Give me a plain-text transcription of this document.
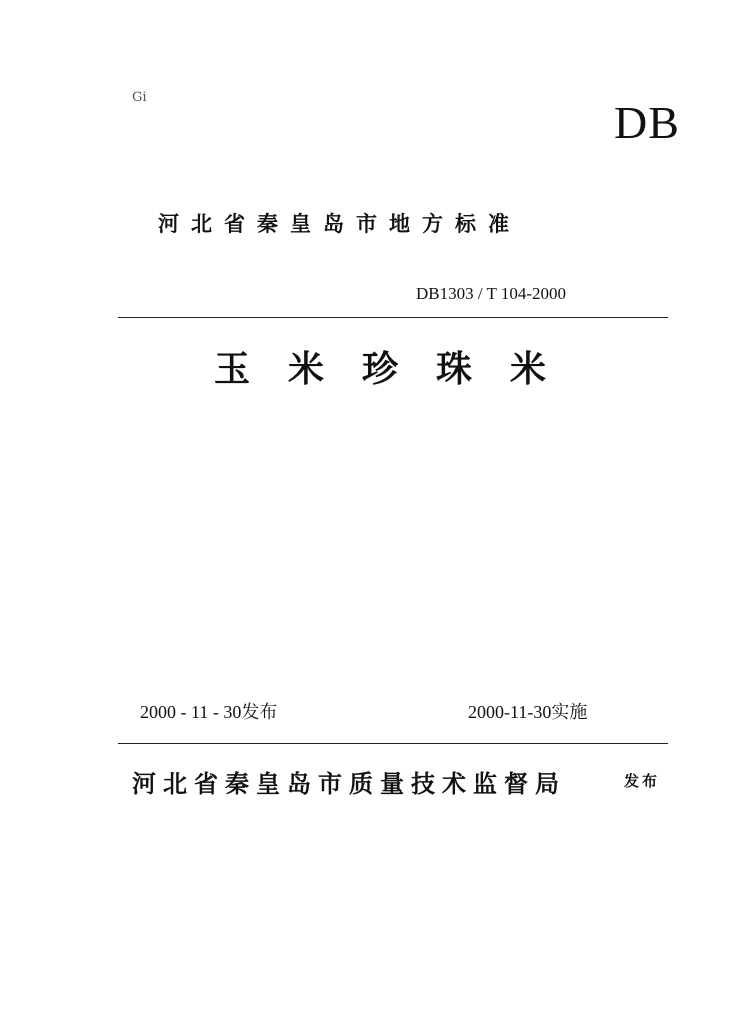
Gi	DB
河北省秦皇岛市地方标准
DB1303 / T 104-2000
玉米珍珠米
2000 - 11 - 30发布	2000-11-30实施
河北省秦皇岛市质量技术监督局	发布
